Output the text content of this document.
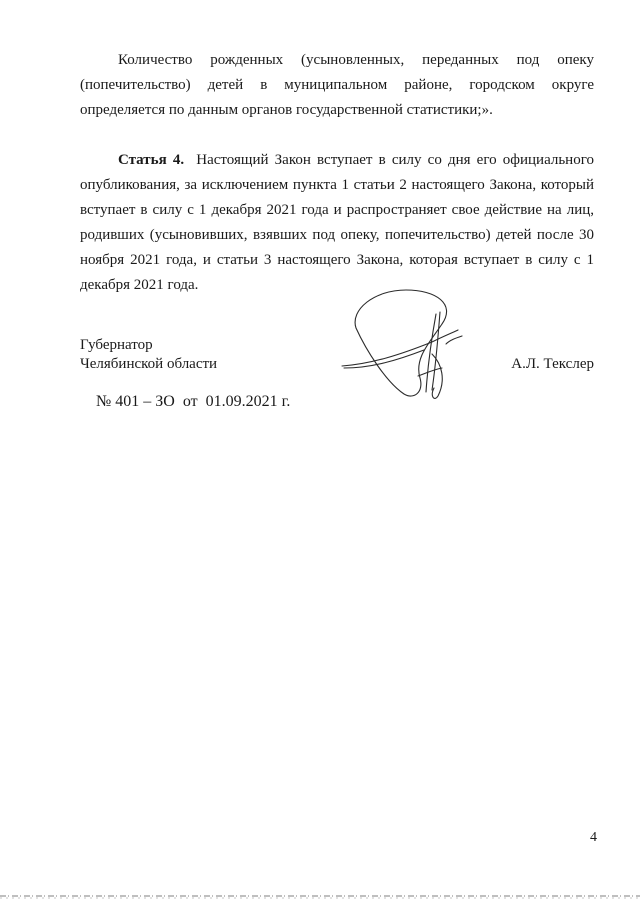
Количество рожденных (усыновленных, переданных под опеку (попечительство) детей в муниципальном районе, городском округе определяется по данным органов государственной статистики;».

Статья 4. Настоящий Закон вступает в силу со дня его официального опубликования, за исключением пункта 1 статьи 2 настоящего Закона, который вступает в силу с 1 декабря 2021 года и распространяет свое действие на лиц, родивших (усыновивших, взявших под опеку, попечительство) детей после 30 ноября 2021 года, и статьи 3 настоящего Закона, которая вступает в силу с 1 декабря 2021 года.

Губернатор
Челябинской области	А.Л. Текслер
№ 401 – ЗО от 01.09.2021 г.
4
